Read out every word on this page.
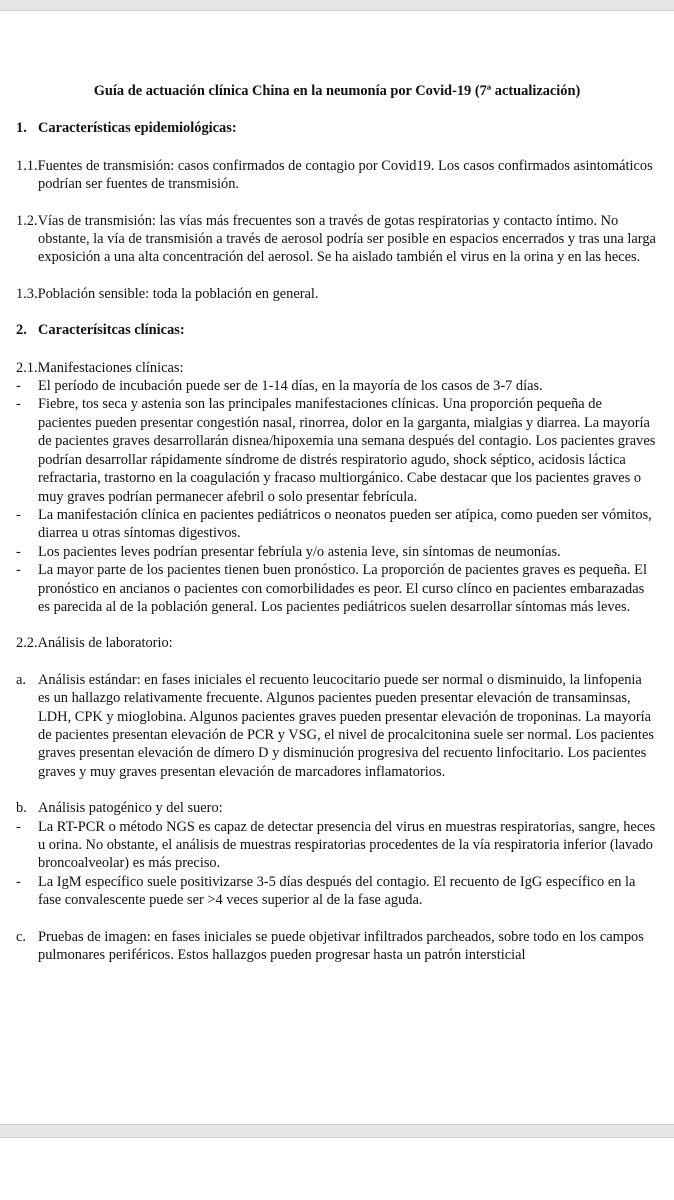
Guía de actuación clínica China en la neumonía por Covid-19 (7ª actualización)
1. Características epidemiológicas:
1.1.Fuentes de transmisión: casos confirmados de contagio por Covid19. Los casos confirmados asintomáticos podrían ser fuentes de transmisión.
1.2.Vías de transmisión: las vías más frecuentes son a través de gotas respiratorias y contacto íntimo. No obstante, la vía de transmisión a través de aerosol podría ser posible en espacios encerrados y tras una larga exposición a una alta concentración del aerosol. Se ha aislado también el virus en la orina y en las heces.
1.3.Población sensible: toda la población en general.
2. Caracterísitcas clínicas:
2.1.Manifestaciones clínicas:
-	El período de incubación puede ser de 1-14 días, en la mayoría de los casos de 3-7 días.
-	Fiebre, tos seca y astenia son las principales manifestaciones clínicas. Una proporción pequeña de pacientes pueden presentar congestión nasal, rinorrea, dolor en la garganta, mialgias y diarrea. La mayoría de pacientes graves desarrollarán disnea/hipoxemia una semana después del contagio. Los pacientes graves podrían desarrollar rápidamente síndrome de distrés respiratorio agudo, shock séptico, acidosis láctica refractaria, trastorno en la coagulación y fracaso multiorgánico. Cabe destacar que los pacientes graves o muy graves podrían permanecer afebril o solo presentar febrícula.
-	La manifestación clínica en pacientes pediátricos o neonatos pueden ser atípica, como pueden ser vómitos, diarrea u otras síntomas digestivos.
-	Los pacientes leves podrían presentar febríula y/o astenia leve, sin síntomas de neumonías.
-	La mayor parte de los pacientes tienen buen pronóstico. La proporción de pacientes graves es pequeña. El pronóstico en ancianos o pacientes con comorbilidades es peor. El curso clínco en pacientes embarazadas es parecida al de la población general. Los pacientes pediátricos suelen desarrollar síntomas más leves.
2.2.Análisis de laboratorio:
a. Análisis estándar: en fases iniciales el recuento leucocitario puede ser normal o disminuido, la linfopenia es un hallazgo relativamente frecuente. Algunos pacientes pueden presentar elevación de transaminsas, LDH, CPK y mioglobina. Algunos pacientes graves pueden presentar elevación de troponinas. La mayoría de pacientes presentan elevación de PCR y VSG, el nivel de procalcitonina suele ser normal. Los pacientes graves presentan elevación de dímero D y disminución progresiva del recuento linfocitario. Los pacientes graves y muy graves presentan elevación de marcadores inflamatorios.
b. Análisis patogénico y del suero:
-	La RT-PCR o método NGS es capaz de detectar presencia del virus en muestras respiratorias, sangre, heces u orina. No obstante, el análisis de muestras respiratorias procedentes de la vía respiratoria inferior (lavado broncoalveolar) es más preciso.
-	La IgM específico suele positivizarse 3-5 días después del contagio. El recuento de IgG específico en la fase convalescente puede ser >4 veces superior al de la fase aguda.
c. Pruebas de imagen: en fases iniciales se puede objetivar infiltrados parcheados, sobre todo en los campos pulmonares periféricos. Estos hallazgos pueden progresar hasta un patrón intersticial
